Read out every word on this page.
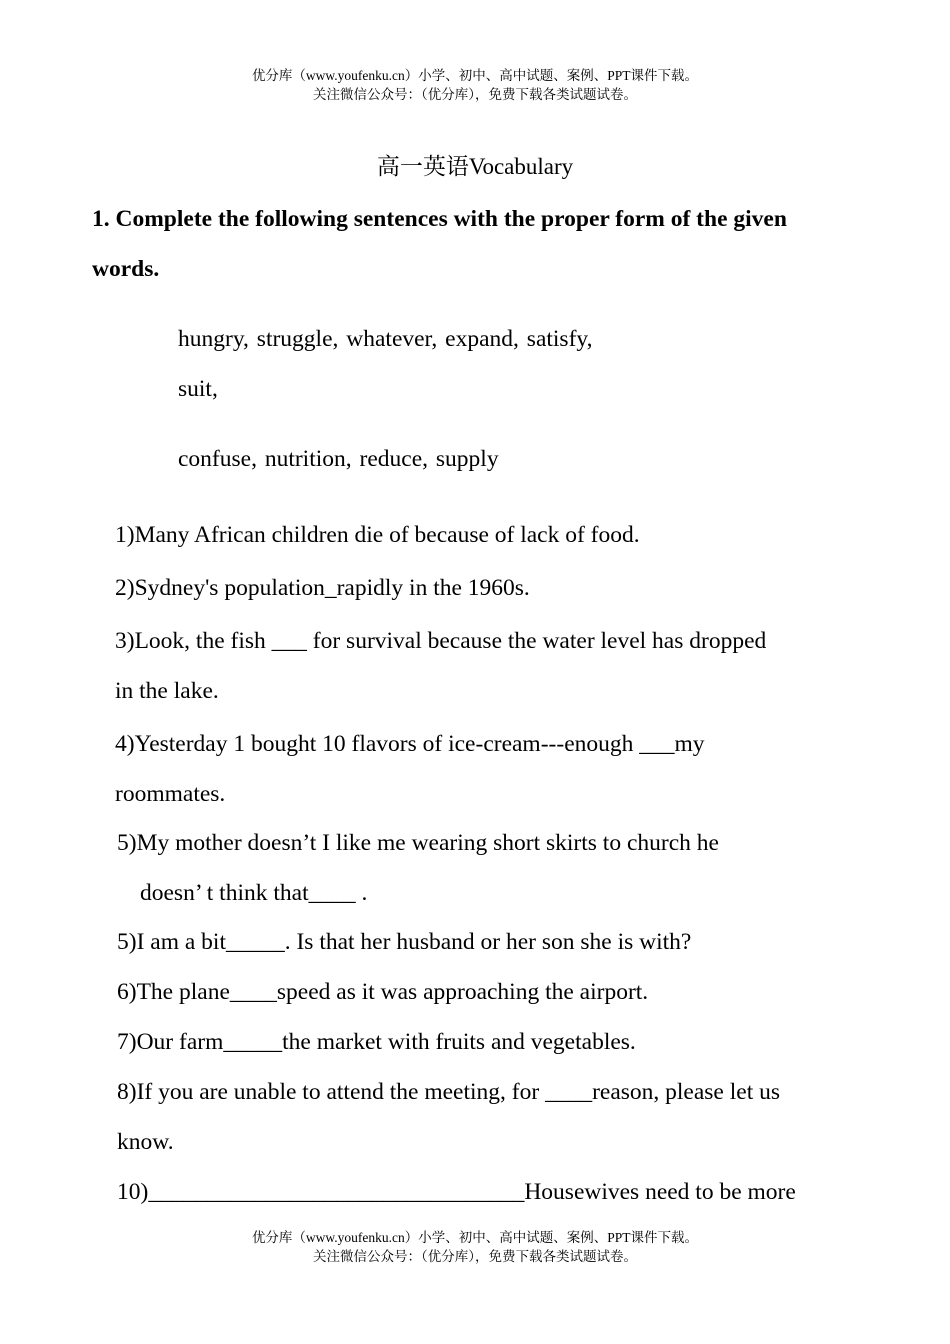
优分库（www.youfenku.cn）小学、初中、高中试题、案例、PPT课件下载。
关注微信公众号：（优分库），免费下载各类试题试卷。
高一英语Vocabulary
1. Complete the following sentences with the proper form of the given
words.
hungry, struggle, whatever, expand, satisfy,
suit,
confuse, nutrition, reduce, supply
1)Many African children die of because of lack of food.
2)Sydney's population_rapidly in the 1960s.
3)Look, the fish ___ for survival because the water level has dropped
in the lake.
4)Yesterday 1 bought 10 flavors of ice-cream---enough ___my
roommates.
5)My mother doesn’t I like me wearing short skirts to church he
doesn’ t think that____ .
5)I am a bit_____. Is that her husband or her son she is with?
6)The plane____speed as it was approaching the airport.
7)Our farm_____the market with fruits and vegetables.
8)If you are unable to attend the meeting, for ____reason, please let us
know.
10)________________________________Housewives need to be more
优分库（www.youfenku.cn）小学、初中、高中试题、案例、PPT课件下载。
关注微信公众号：（优分库），免费下载各类试题试卷。
